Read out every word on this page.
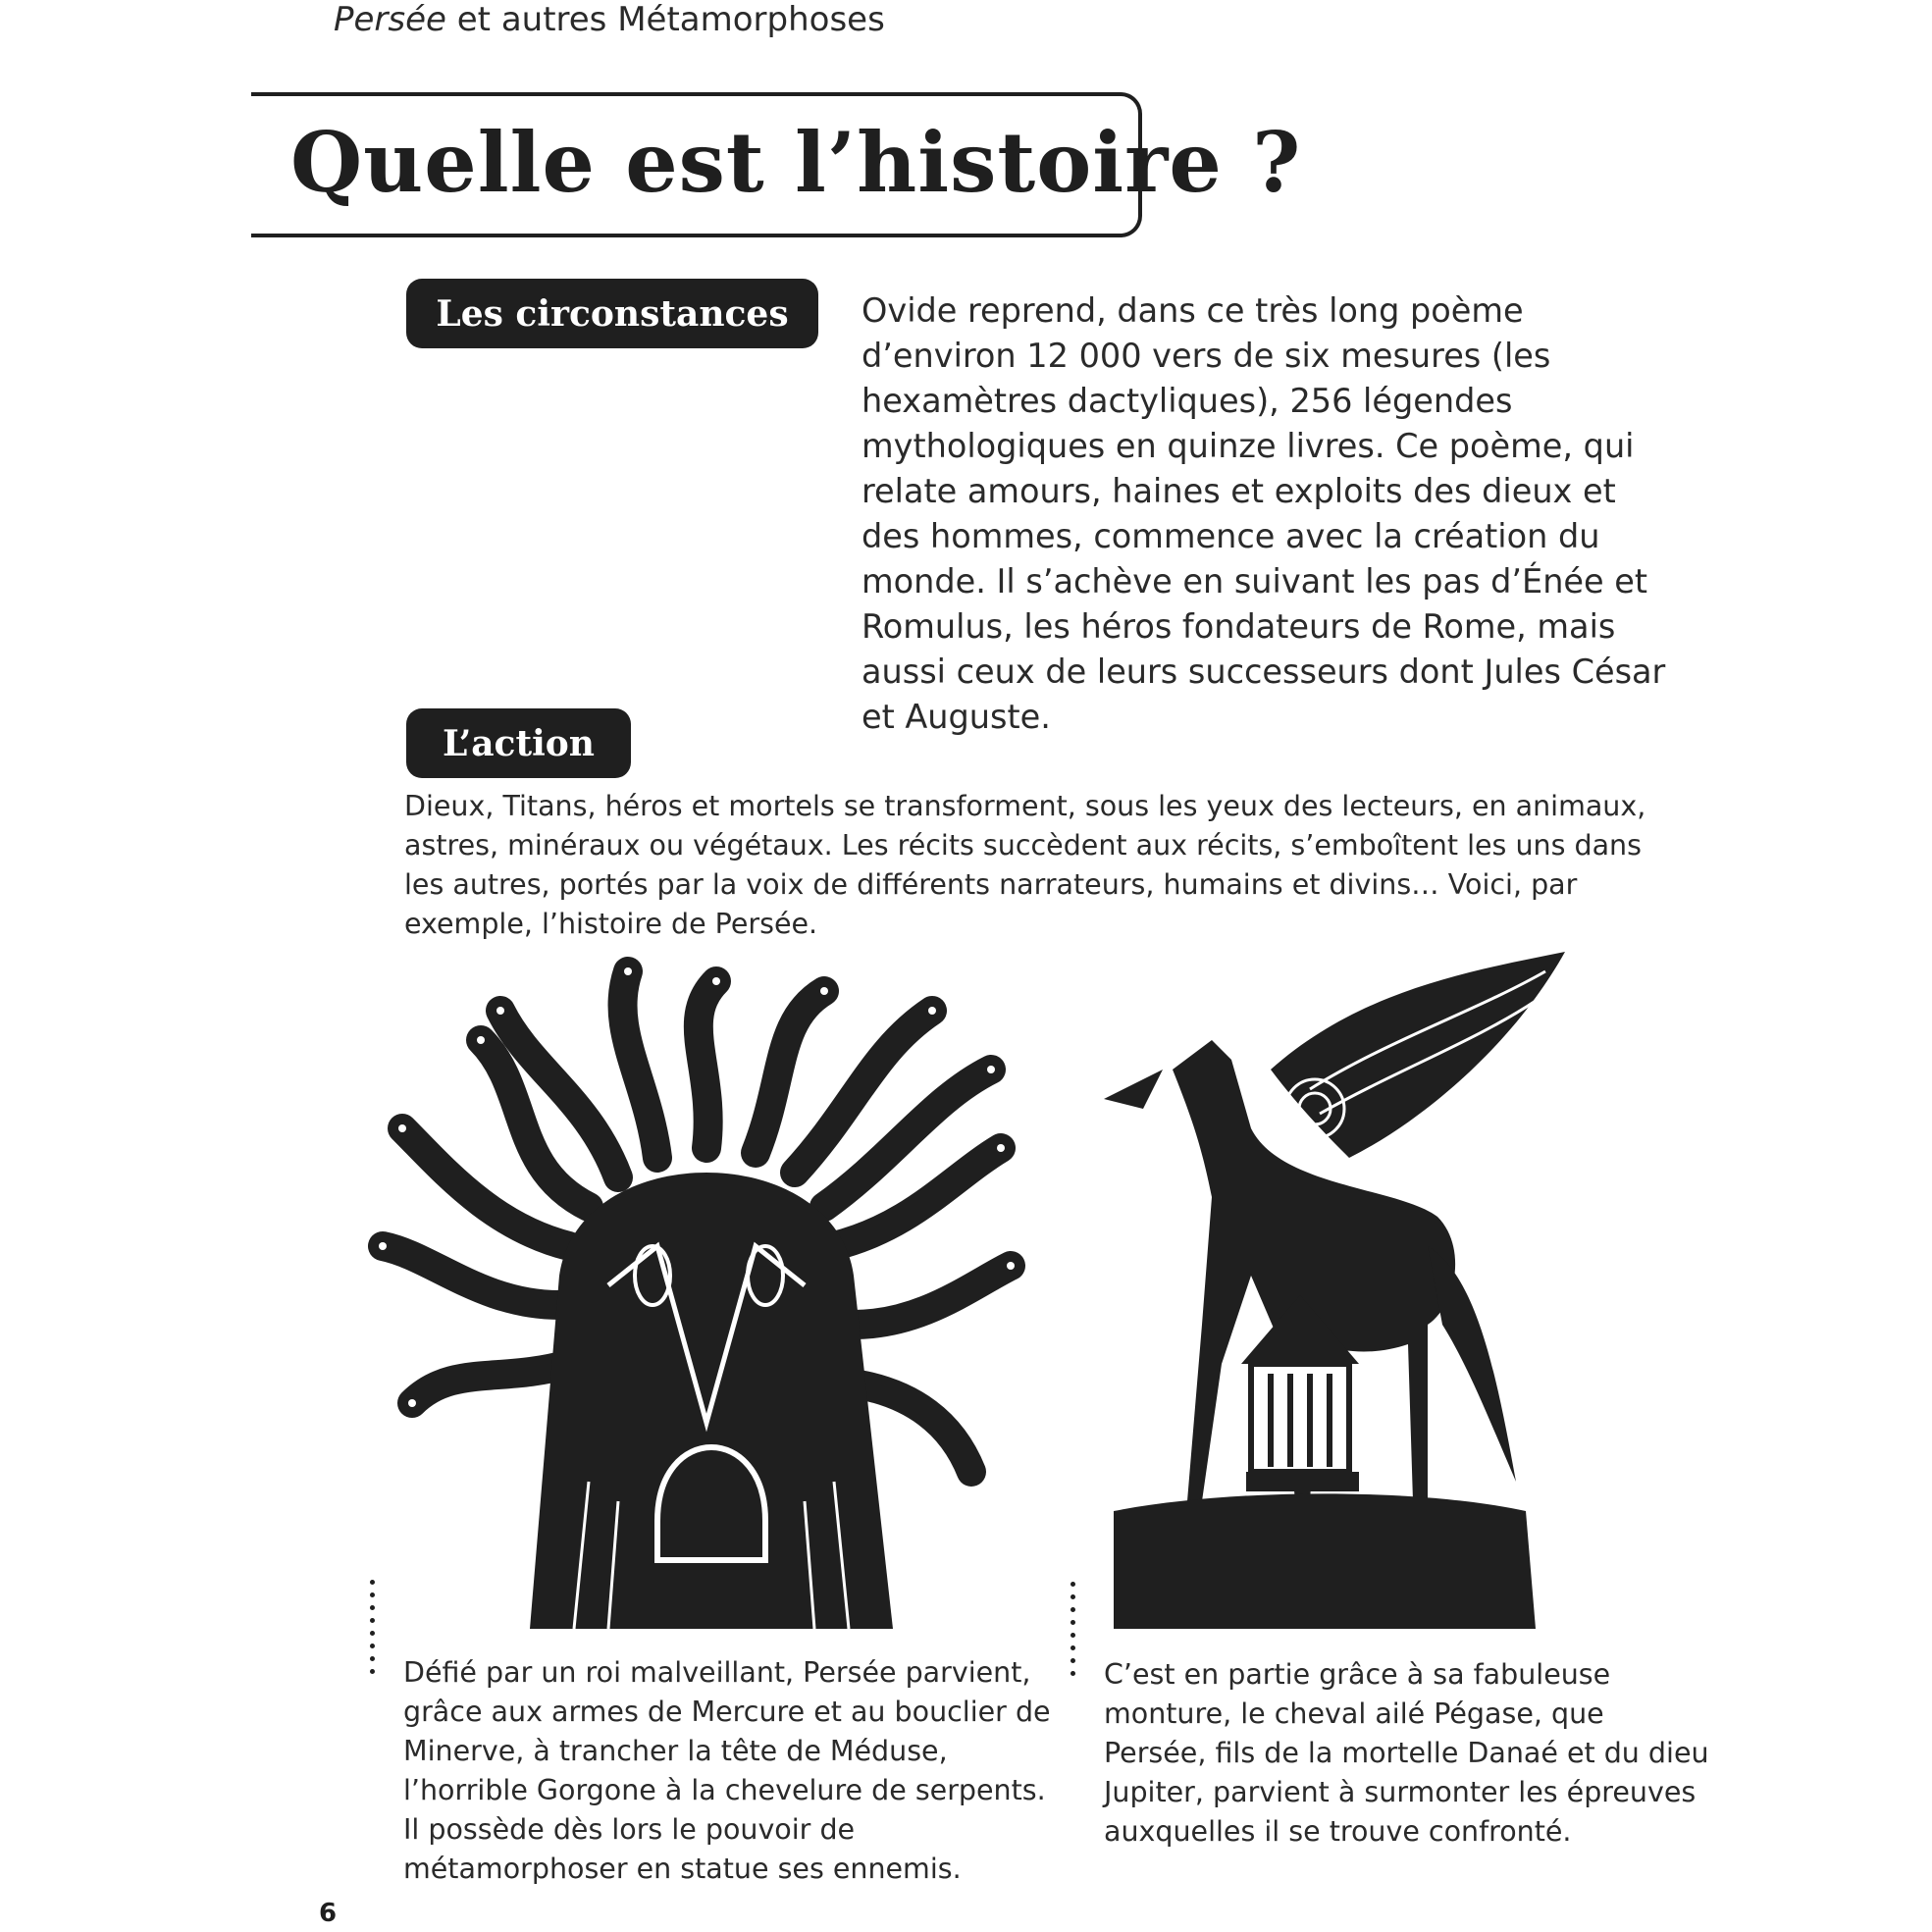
Persée et autres Métamorphoses
Quelle est l’histoire ?
Les circonstances	Ovide reprend, dans ce très long poème d’environ 12 000 vers de six mesures (les hexamètres dactyliques), 256 légendes mythologiques en quinze livres. Ce poème, qui relate amours, haines et exploits des dieux et des hommes, commence avec la création du monde. Il s’achève en suivant les pas d’Énée et Romulus, les héros fondateurs de Rome, mais aussi ceux de leurs successeurs dont Jules César et Auguste.
L’action
Dieux, Titans, héros et mortels se transforment, sous les yeux des lecteurs, en animaux, astres, minéraux ou végétaux. Les récits succèdent aux récits, s’emboîtent les uns dans les autres, portés par la voix de différents narrateurs, humains et divins… Voici, par exemple, l’histoire de Persée.
Défié par un roi malveillant, Persée parvient, grâce aux armes de Mercure et au bouclier de Minerve, à trancher la tête de Méduse, l’horrible Gorgone à la chevelure de serpents. Il possède dès lors le pouvoir de métamorphoser en statue ses ennemis.
C’est en partie grâce à sa fabuleuse monture, le cheval ailé Pégase, que Persée, fils de la mortelle Danaé et du dieu Jupiter, parvient à surmonter les épreuves auxquelles il se trouve confronté.
6
